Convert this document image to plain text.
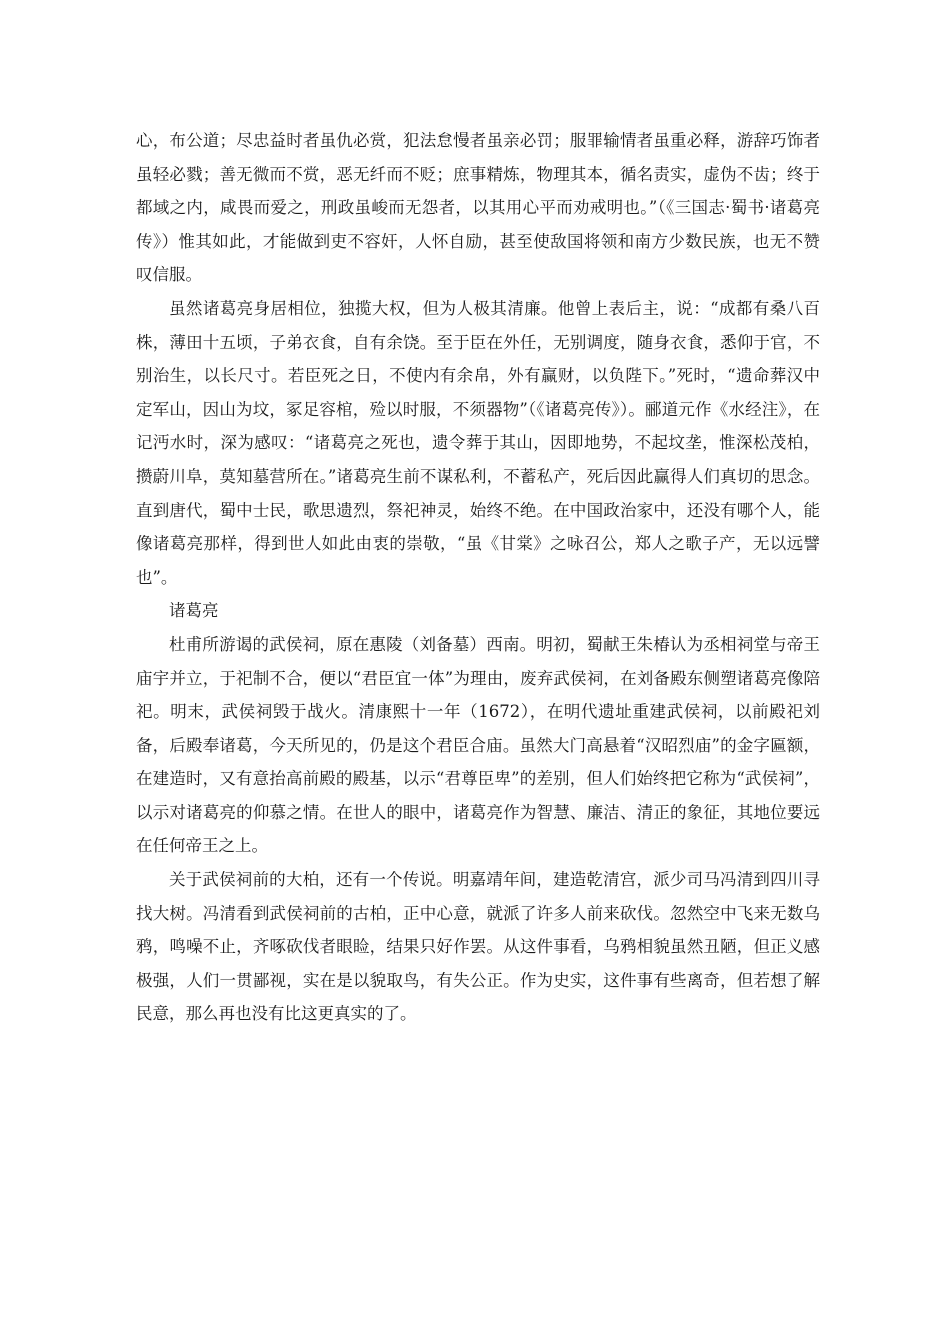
心，布公道；尽忠益时者虽仇必赏，犯法怠慢者虽亲必罚；服罪输情者虽重必释，游辞巧饰者虽轻必戮；善无微而不赏，恶无纤而不贬；庶事精炼，物理其本，循名责实，虚伪不齿；终于都域之内，咸畏而爱之，刑政虽峻而无怨者，以其用心平而劝戒明也。”（《三国志·蜀书·诸葛亮传》）惟其如此，才能做到吏不容奸，人怀自励，甚至使敌国将领和南方少数民族，也无不赞叹信服。

虽然诸葛亮身居相位，独揽大权，但为人极其清廉。他曾上表后主，说：“成都有桑八百株，薄田十五顷，子弟衣食，自有余饶。至于臣在外任，无别调度，随身衣食，悉仰于官，不别治生，以长尺寸。若臣死之日，不使内有余帛，外有赢财，以负陛下。”死时，“遗命葬汉中定军山，因山为坟，冢足容棺，殓以时服，不须器物”（《诸葛亮传》）。郦道元作《水经注》，在记沔水时，深为感叹：“诸葛亮之死也，遗令葬于其山，因即地势，不起坟垄，惟深松茂柏，攒蔚川阜，莫知墓营所在。”诸葛亮生前不谋私利，不蓄私产，死后因此赢得人们真切的思念。直到唐代，蜀中士民，歌思遗烈，祭祀神灵，始终不绝。在中国政治家中，还没有哪个人，能像诸葛亮那样，得到世人如此由衷的崇敬，“虽《甘棠》之咏召公，郑人之歌子产，无以远譬也”。

诸葛亮

杜甫所游谒的武侯祠，原在惠陵（刘备墓）西南。明初，蜀献王朱椿认为丞相祠堂与帝王庙宇并立，于祀制不合，便以“君臣宜一体”为理由，废弃武侯祠，在刘备殿东侧塑诸葛亮像陪祀。明末，武侯祠毁于战火。清康熙十一年（1672），在明代遗址重建武侯祠，以前殿祀刘备，后殿奉诸葛，今天所见的，仍是这个君臣合庙。虽然大门高悬着“汉昭烈庙”的金字匾额，在建造时，又有意抬高前殿的殿基，以示“君尊臣卑”的差别，但人们始终把它称为“武侯祠”，以示对诸葛亮的仰慕之情。在世人的眼中，诸葛亮作为智慧、廉洁、清正的象征，其地位要远在任何帝王之上。

关于武侯祠前的大柏，还有一个传说。明嘉靖年间，建造乾清宫，派少司马冯清到四川寻找大树。冯清看到武侯祠前的古柏，正中心意，就派了许多人前来砍伐。忽然空中飞来无数乌鸦，鸣噪不止，齐啄砍伐者眼睑，结果只好作罢。从这件事看，乌鸦相貌虽然丑陋，但正义感极强，人们一贯鄙视，实在是以貌取鸟，有失公正。作为史实，这件事有些离奇，但若想了解民意，那么再也没有比这更真实的了。
